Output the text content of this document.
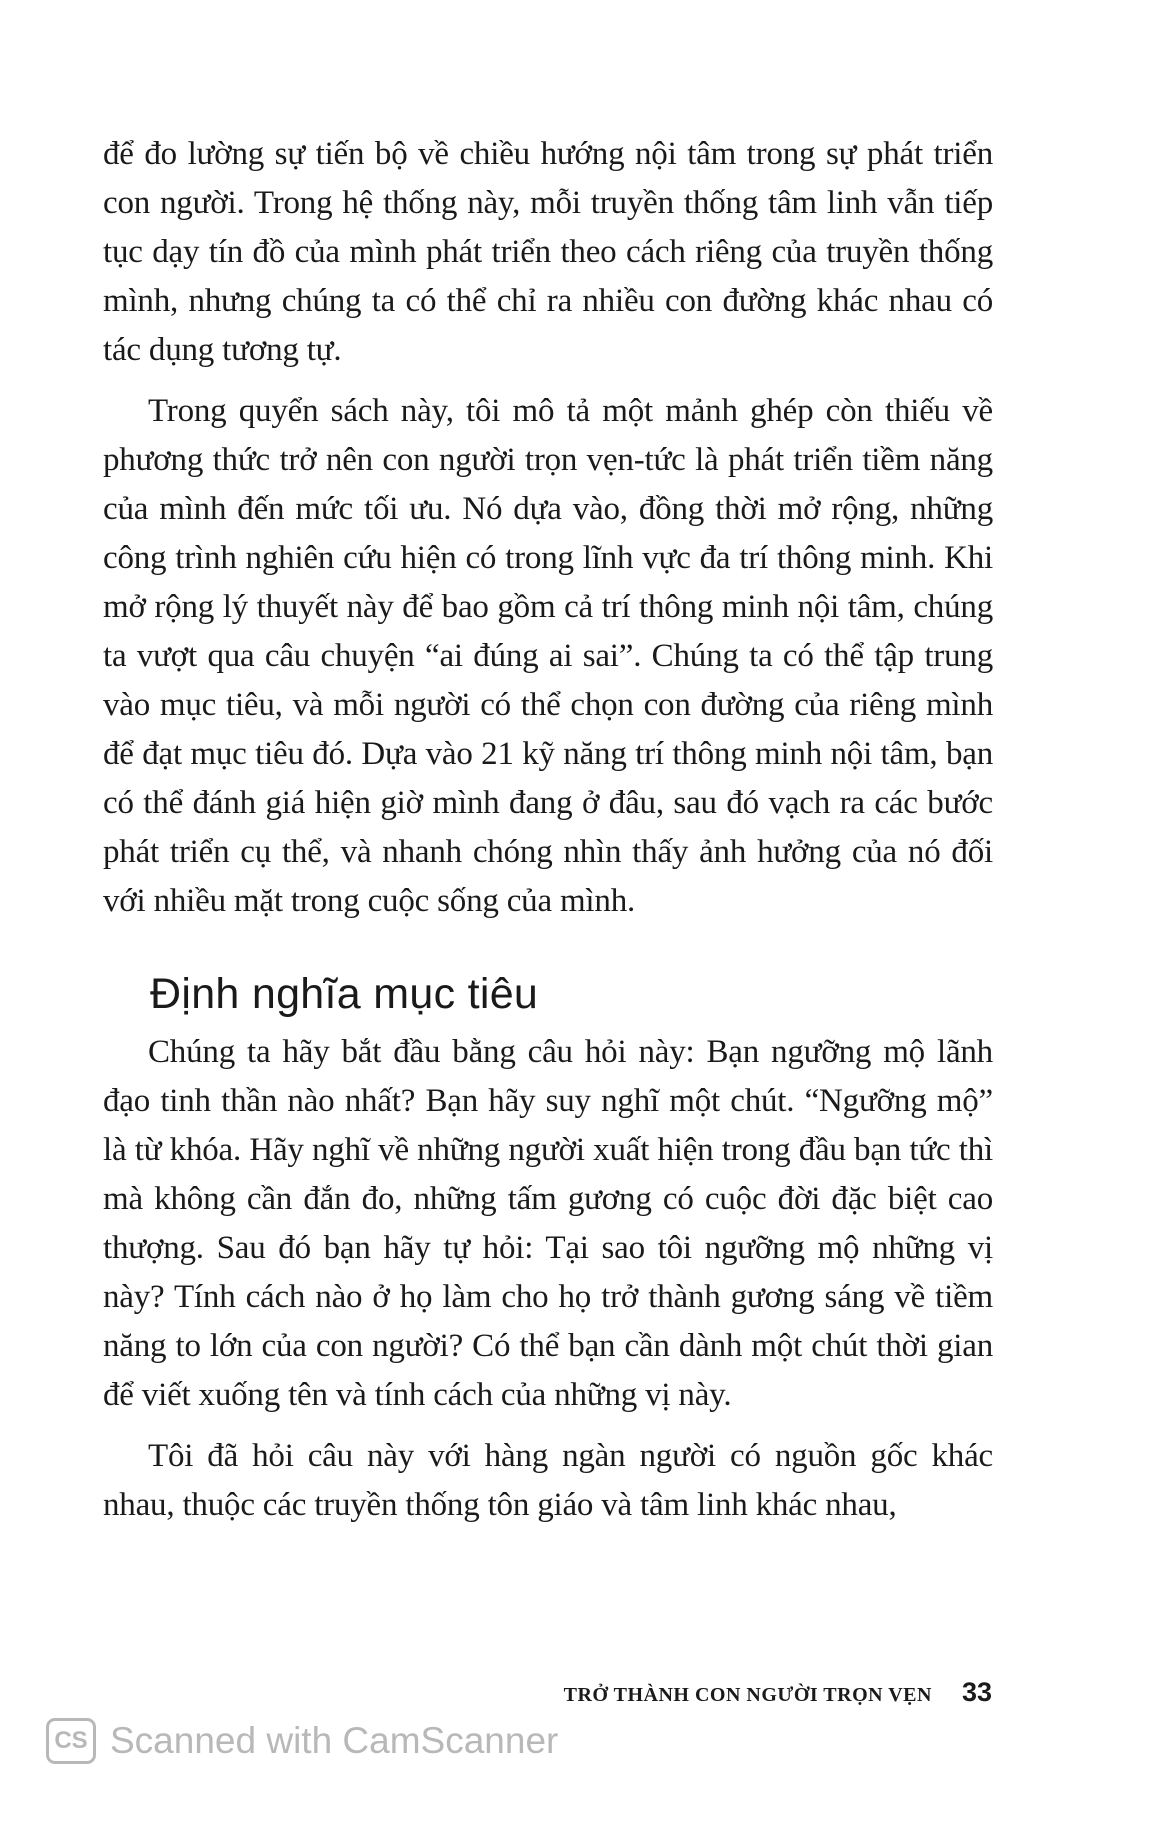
để đo lường sự tiến bộ về chiều hướng nội tâm trong sự phát triển con người. Trong hệ thống này, mỗi truyền thống tâm linh vẫn tiếp tục dạy tín đồ của mình phát triển theo cách riêng của truyền thống mình, nhưng chúng ta có thể chỉ ra nhiều con đường khác nhau có tác dụng tương tự.

Trong quyển sách này, tôi mô tả một mảnh ghép còn thiếu về phương thức trở nên con người trọn vẹn-tức là phát triển tiềm năng của mình đến mức tối ưu. Nó dựa vào, đồng thời mở rộng, những công trình nghiên cứu hiện có trong lĩnh vực đa trí thông minh. Khi mở rộng lý thuyết này để bao gồm cả trí thông minh nội tâm, chúng ta vượt qua câu chuyện “ai đúng ai sai”. Chúng ta có thể tập trung vào mục tiêu, và mỗi người có thể chọn con đường của riêng mình để đạt mục tiêu đó. Dựa vào 21 kỹ năng trí thông minh nội tâm, bạn có thể đánh giá hiện giờ mình đang ở đâu, sau đó vạch ra các bước phát triển cụ thể, và nhanh chóng nhìn thấy ảnh hưởng của nó đối với nhiều mặt trong cuộc sống của mình.

Định nghĩa mục tiêu

Chúng ta hãy bắt đầu bằng câu hỏi này: Bạn ngưỡng mộ lãnh đạo tinh thần nào nhất? Bạn hãy suy nghĩ một chút. “Ngưỡng mộ” là từ khóa. Hãy nghĩ về những người xuất hiện trong đầu bạn tức thì mà không cần đắn đo, những tấm gương có cuộc đời đặc biệt cao thượng. Sau đó bạn hãy tự hỏi: Tại sao tôi ngưỡng mộ những vị này? Tính cách nào ở họ làm cho họ trở thành gương sáng về tiềm năng to lớn của con người? Có thể bạn cần dành một chút thời gian để viết xuống tên và tính cách của những vị này.

Tôi đã hỏi câu này với hàng ngàn người có nguồn gốc khác nhau, thuộc các truyền thống tôn giáo và tâm linh khác nhau,

TRỞ THÀNH CON NGƯỜI TRỌN VẸN 33
CS Scanned with CamScanner
